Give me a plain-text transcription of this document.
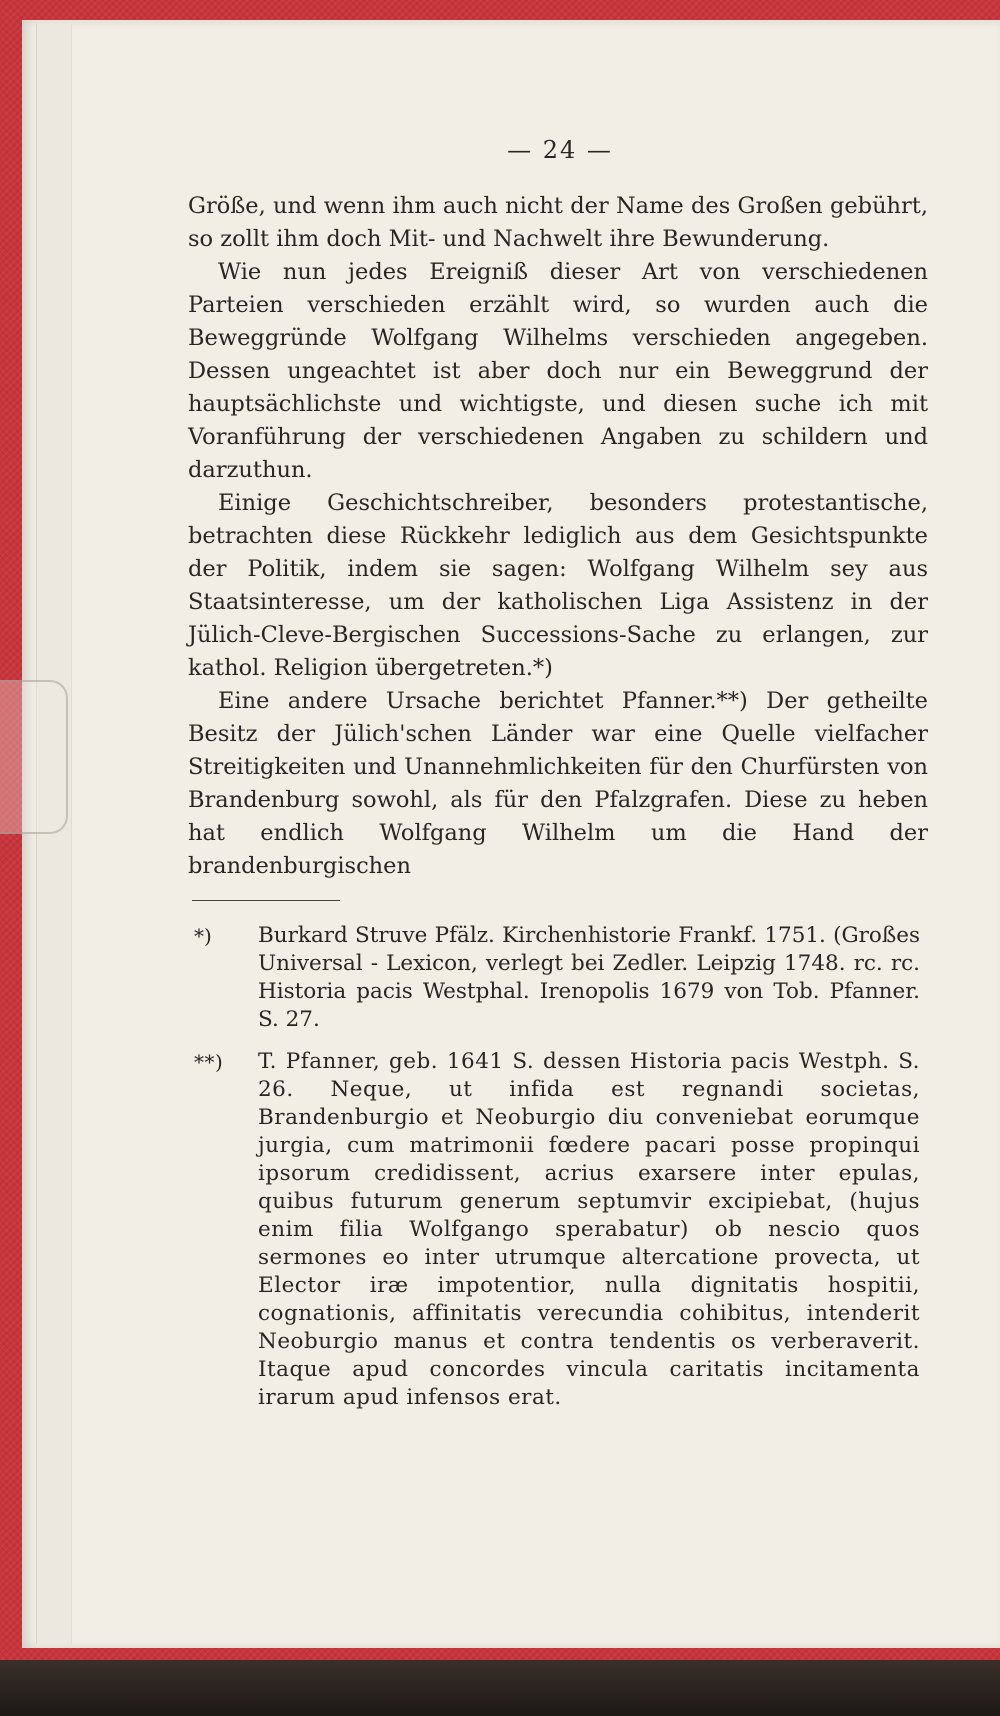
— 24 —

Größe, und wenn ihm auch nicht der Name des Großen gebührt, so zollt ihm doch Mit- und Nachwelt ihre Bewunderung.

Wie nun jedes Ereigniß dieser Art von verschiedenen Parteien verschieden erzählt wird, so wurden auch die Beweggründe Wolfgang Wilhelms verschieden angegeben. Dessen ungeachtet ist aber doch nur ein Beweggrund der hauptsächlichste und wichtigste, und diesen suche ich mit Voranführung der verschiedenen Angaben zu schildern und darzuthun.

Einige Geschichtschreiber, besonders protestantische, betrachten diese Rückkehr lediglich aus dem Gesichtspunkte der Politik, indem sie sagen: Wolfgang Wilhelm sey aus Staatsinteresse, um der katholischen Liga Assistenz in der Jülich-Cleve-Bergischen Successions-Sache zu erlangen, zur kathol. Religion übergetreten.*)

Eine andere Ursache berichtet Pfanner.**) Der getheilte Besitz der Jülich'schen Länder war eine Quelle vielfacher Streitigkeiten und Unannehmlichkeiten für den Churfürsten von Brandenburg sowohl, als für den Pfalzgrafen. Diese zu heben hat endlich Wolfgang Wilhelm um die Hand der brandenburgischen

*) Burkard Struve Pfälz. Kirchenhistorie Frankf. 1751. (Großes Universal - Lexicon, verlegt bei Zedler. Leipzig 1748. rc. rc. Historia pacis Westphal. Irenopolis 1679 von Tob. Pfanner. S. 27.
**) T. Pfanner, geb. 1641 S. dessen Historia pacis Westph. S. 26. Neque, ut infida est regnandi societas, Brandenburgio et Neoburgio diu conveniebat eorumque jurgia, cum matrimonii fœdere pacari posse propinqui ipsorum credidissent, acrius exarsere inter epulas, quibus futurum generum septumvir excipiebat, (hujus enim filia Wolfgango sperabatur) ob nescio quos sermones eo inter utrumque altercatione provecta, ut Elector iræ impotentior, nulla dignitatis hospitii, cognationis, affinitatis verecundia cohibitus, intenderit Neoburgio manus et contra tendentis os verberaverit. Itaque apud concordes vincula caritatis incitamenta irarum apud infensos erat.
